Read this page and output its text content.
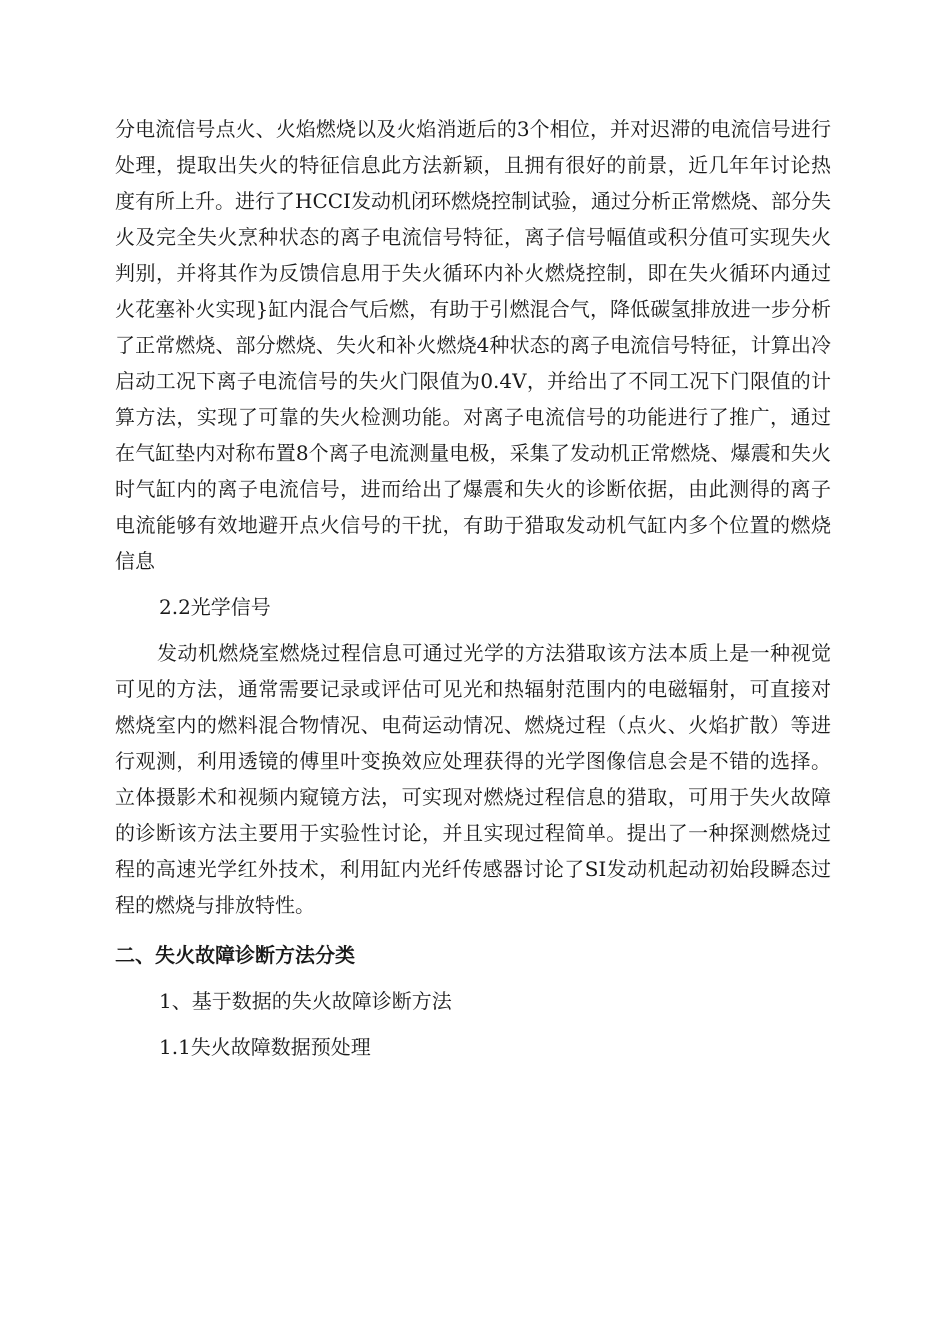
分电流信号点火、火焰燃烧以及火焰消逝后的3个相位，并对迟滞的电流信号进行处理，提取出失火的特征信息此方法新颖，且拥有很好的前景，近几年年讨论热度有所上升。进行了HCCI发动机闭环燃烧控制试验，通过分析正常燃烧、部分失火及完全失火烹种状态的离子电流信号特征，离子信号幅值或积分值可实现失火判别，并将其作为反馈信息用于失火循环内补火燃烧控制，即在失火循环内通过火花塞补火实现}缸内混合气后燃，有助于引燃混合气，降低碳氢排放进一步分析了正常燃烧、部分燃烧、失火和补火燃烧4种状态的离子电流信号特征，计算出冷启动工况下离子电流信号的失火门限值为0.4V，并给出了不同工况下门限值的计算方法，实现了可靠的失火检测功能。对离子电流信号的功能进行了推广，通过在气缸垫内对称布置8个离子电流测量电极，采集了发动机正常燃烧、爆震和失火时气缸内的离子电流信号，进而给出了爆震和失火的诊断依据，由此测得的离子电流能够有效地避开点火信号的干扰，有助于猎取发动机气缸内多个位置的燃烧信息

2.2光学信号

发动机燃烧室燃烧过程信息可通过光学的方法猎取该方法本质上是一种视觉可见的方法，通常需要记录或评估可见光和热辐射范围内的电磁辐射，可直接对燃烧室内的燃料混合物情况、电荷运动情况、燃烧过程（点火、火焰扩散）等进行观测，利用透镜的傅里叶变换效应处理获得的光学图像信息会是不错的选择。立体摄影术和视频内窥镜方法，可实现对燃烧过程信息的猎取，可用于失火故障的诊断该方法主要用于实验性讨论，并且实现过程简单。提出了一种探测燃烧过程的高速光学红外技术，利用缸内光纤传感器讨论了SI发动机起动初始段瞬态过程的燃烧与排放特性。

二、失火故障诊断方法分类

1、基于数据的失火故障诊断方法

1.1失火故障数据预处理
